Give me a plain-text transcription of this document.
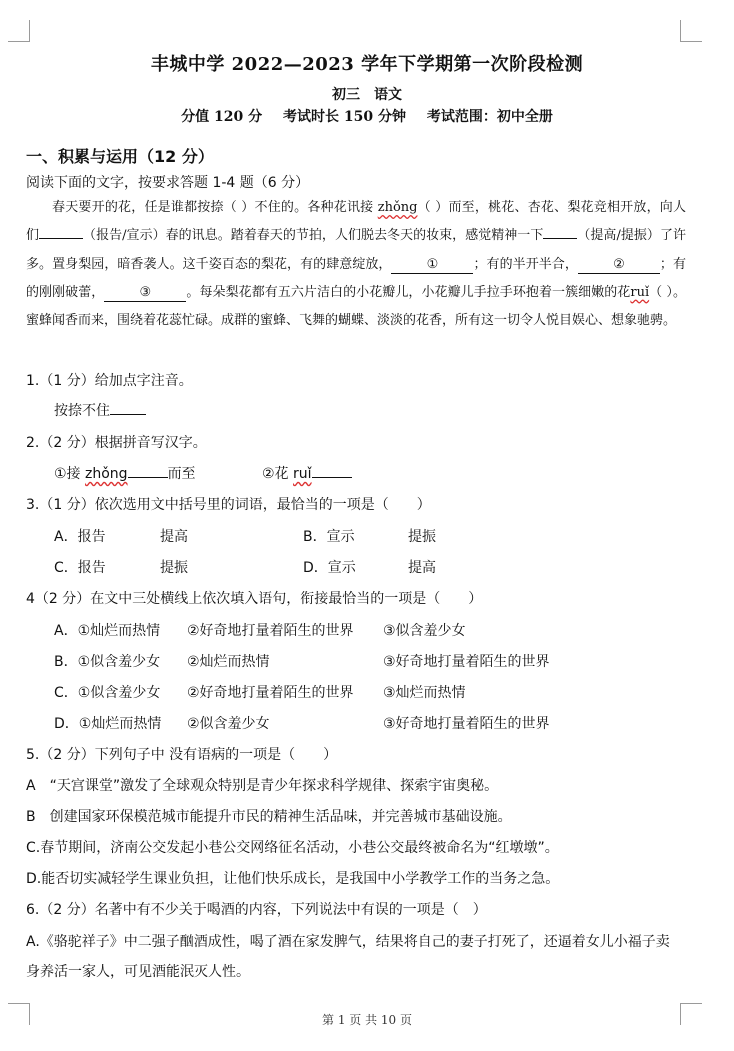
丰城中学 2022—2023 学年下学期第一次阶段检测
初三　语文
分值 120 分 考试时长 150 分钟 考试范围：初中全册
一、积累与运用（12 分）
阅读下面的文字，按要求答题 1-4 题（6 分）
春天要开的花，任是谁都按捺（ ）不住的。各种花讯接 zhǒng（ ）而至，桃花、杏花、梨花竞相开放，向人们	（报告/宣示）春的讯息。踏着春天的节拍，人们脱去冬天的妆束，感觉精神一下	（提高/提振）了许多。置身梨园，暗香袭人。这千姿百态的梨花，有的肆意绽放，	①	；有的半开半合，	②	；有的刚刚破蕾，	③	。每朵梨花都有五六片洁白的小花瓣儿，小花瓣儿手拉手环抱着一簇细嫩的花ruǐ（ ）。蜜蜂闻香而来，围绕着花蕊忙碌。成群的蜜蜂、飞舞的蝴蝶、淡淡的花香，所有这一切令人悦目娱心、想象驰骋。
1.（1 分）给加点字注音。
按捺不住
2.（2 分）根据拼音写汉字。
①接 zhǒng	而至	②花 ruǐ
3.（1 分）依次选用文中括号里的词语，最恰当的一项是（　　）
A．报告	提高	B．宣示	提振
C．报告	提振	D．宣示	提高
4（2 分）在文中三处横线上依次填入语句，衔接最恰当的一项是（　　）
A．①灿烂而热情 ②好奇地打量着陌生的世界 ③似含羞少女
B．①似含羞少女 ②灿烂而热情	③好奇地打量着陌生的世界
C．①似含羞少女 ②好奇地打量着陌生的世界 ③灿烂而热情
D．①灿烂而热情 ②似含羞少女	③好奇地打量着陌生的世界
5.（2 分）下列句子中 没有语病的一项是（　　）
A　“天宫课堂”激发了全球观众特别是青少年探求科学规律、探索宇宙奥秘。
B　创建国家环保模范城市能提升市民的精神生活品味，并完善城市基础设施。
C.春节期间，济南公交发起小巷公交网络征名活动，小巷公交最终被命名为“红墩墩”。
D.能否切实减轻学生课业负担，让他们快乐成长，是我国中小学教学工作的当务之急。
6.（2 分）名著中有不少关于喝酒的内容，下列说法中有误的一项是（　）
A.《骆驼祥子》中二强子酗酒成性，喝了酒在家发脾气，结果将自己的妻子打死了，还逼着女儿小福子卖
身养活一家人，可见酒能泯灭人性。
第 1 页 共 10 页
